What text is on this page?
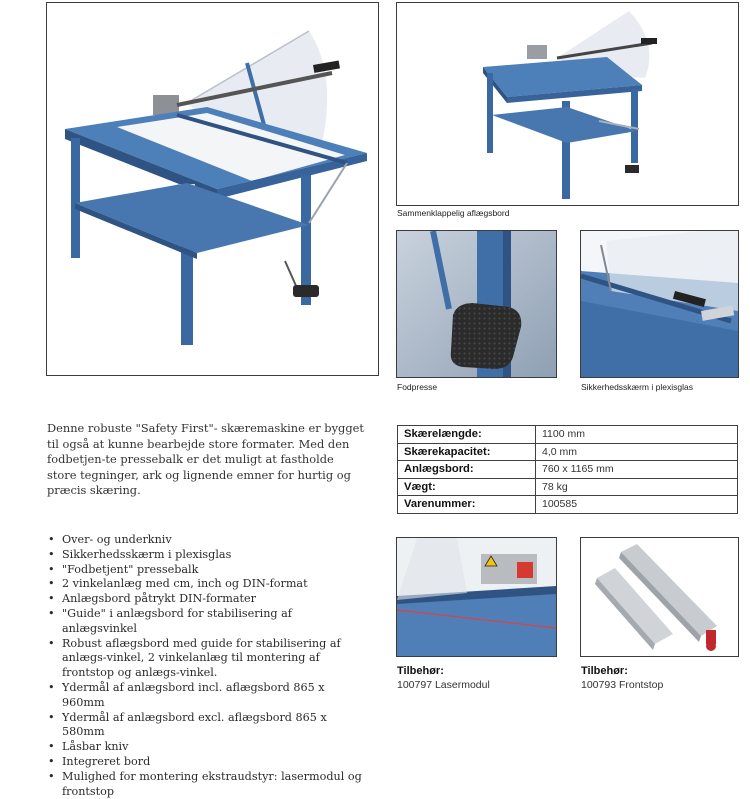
Sammenklappelig aflægsbord
Fodpresse	Sikkerhedsskærm i plexisglas

Denne robuste "Safety First"- skæremaskine er bygget til også at kunne bearbejde store formater. Med den fodbetjen-te pressebalk er det muligt at fastholde store tegninger, ark og lignende emner for hurtig og præcis skæring.

Skærelængde:	1100 mm
Skærekapacitet:	4,0 mm
Anlægsbord:	760 x 1165 mm
Vægt:	78 kg
Varenummer:	100585
• Over- og underkniv
• Sikkerhedsskærm i plexisglas
• "Fodbetjent" pressebalk
• 2 vinkelanlæg med cm, inch og DIN-format
• Anlægsbord påtrykt DIN-formater
• "Guide" i anlægsbord for stabilisering af anlægsvinkel
• Robust aflægsbord med guide for stabilisering af anlægs-vinkel, 2 vinkelanlæg til montering af frontstop og anlægs-vinkel.
• Ydermål af anlægsbord incl. aflægsbord 865 x 960mm
• Ydermål af anlægsbord excl. aflægsbord 865 x 580mm
• Låsbar kniv
• Integreret bord
• Mulighed for montering ekstraudstyr: lasermodul og frontstop
Tilbehør:
100797 Lasermodul
Tilbehør:
100793 Frontstop
